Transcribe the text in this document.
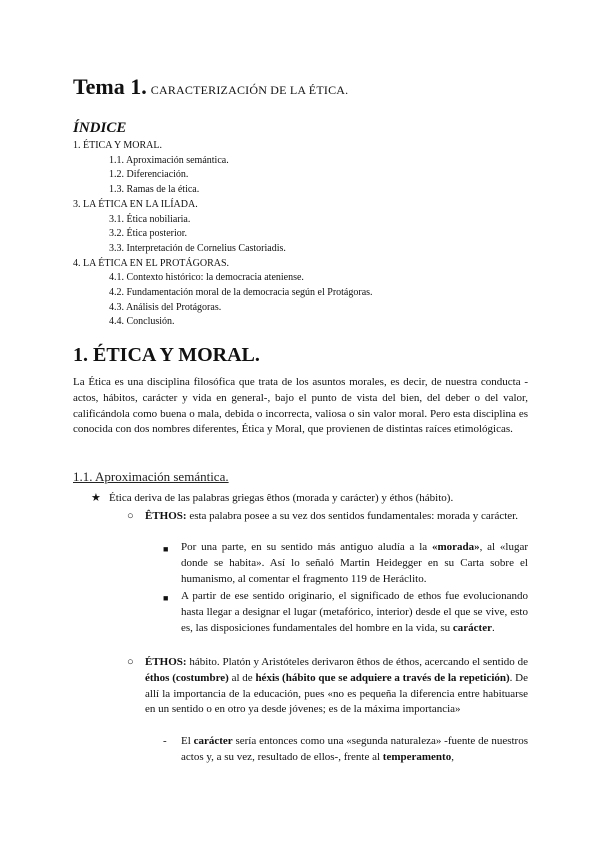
Tema 1. CARACTERIZACIÓN DE LA ÉTICA.
ÍNDICE
1. ÉTICA Y MORAL.
1.1. Aproximación semántica.
1.2. Diferenciación.
1.3. Ramas de la ética.
3. LA ÉTICA EN LA ILÍADA.
3.1. Ética nobiliaria.
3.2. Ética posterior.
3.3. Interpretación de Cornelius Castoriadis.
4. LA ÉTICA EN EL PROTÁGORAS.
4.1. Contexto histórico: la democracia ateniense.
4.2. Fundamentación moral de la democracia según el Protágoras.
4.3. Análisis del Protágoras.
4.4. Conclusión.
1. ÉTICA Y MORAL.

La Ética es una disciplina filosófica que trata de los asuntos morales, es decir, de nuestra conducta -actos, hábitos, carácter y vida en general-, bajo el punto de vista del bien, del deber o del valor, calificándola como buena o mala, debida o incorrecta, valiosa o sin valor moral. Pero esta disciplina es conocida con dos nombres diferentes, Ética y Moral, que provienen de distintas raíces etimológicas.

1.1. Aproximación semántica.
★ Ética deriva de las palabras griegas êthos (morada y carácter) y éthos (hábito).

○ ÊTHOS: esta palabra posee a su vez dos sentidos fundamentales: morada y carácter.

■ Por una parte, en su sentido más antiguo aludía a la «morada», al «lugar donde se habita». Así lo señaló Martin Heidegger en su Carta sobre el humanismo, al comentar el fragmento 119 de Heráclito.

■ A partir de ese sentido originario, el significado de ethos fue evolucionando hasta llegar a designar el lugar (metafórico, interior) desde el que se vive, esto es, las disposiciones fundamentales del hombre en la vida, su carácter.

○ ÉTHOS: hábito. Platón y Aristóteles derivaron êthos de éthos, acercando el sentido de éthos (costumbre) al de héxis (hábito que se adquiere a través de la repetición). De allí la importancia de la educación, pues «no es pequeña la diferencia entre habituarse en un sentido o en otro ya desde jóvenes; es de la máxima importancia»

- El carácter sería entonces como una «segunda naturaleza» -fuente de nuestros actos y, a su vez, resultado de ellos-, frente al temperamento,
